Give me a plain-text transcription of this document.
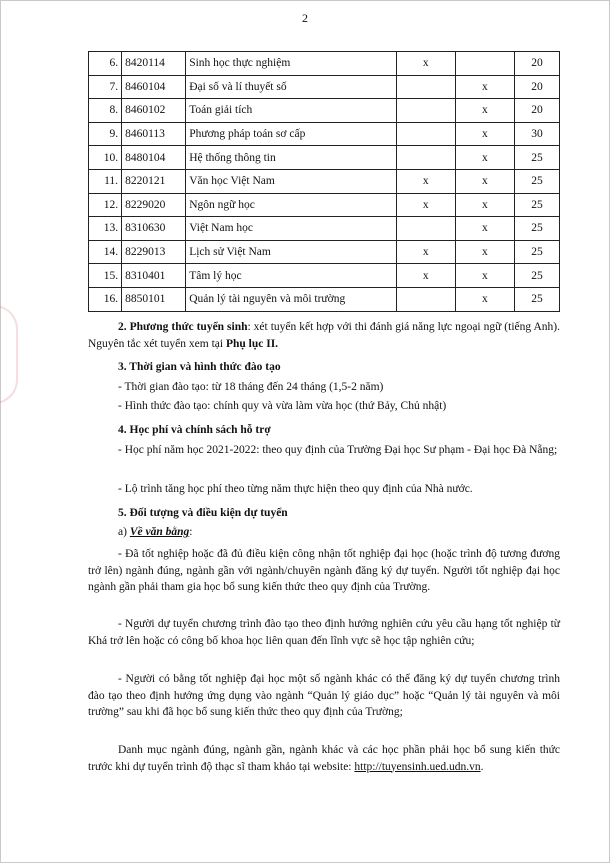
2
6.	8420114	Sinh học thực nghiệm	x		20
7.	8460104	Đại số và lí thuyết số		x	20
8.	8460102	Toán giải tích		x	20
9.	8460113	Phương pháp toán sơ cấp		x	30
10.	8480104	Hệ thống thông tin		x	25
11.	8220121	Văn học Việt Nam	x	x	25
12.	8229020	Ngôn ngữ học	x	x	25
13.	8310630	Việt Nam học		x	25
14.	8229013	Lịch sử Việt Nam	x	x	25
15.	8310401	Tâm lý học	x	x	25
16.	8850101	Quản lý tài nguyên và môi trường		x	25
2. Phương thức tuyển sinh: xét tuyển kết hợp với thi đánh giá năng lực ngoại ngữ (tiếng Anh). Nguyên tắc xét tuyển xem tại Phụ lục II.
3. Thời gian và hình thức đào tạo
- Thời gian đào tạo: từ 18 tháng đến 24 tháng (1,5-2 năm)
- Hình thức đào tạo: chính quy và vừa làm vừa học (thứ Bảy, Chủ nhật)
4. Học phí và chính sách hỗ trợ
- Học phí năm học 2021-2022: theo quy định của Trường Đại học Sư phạm - Đại học Đà Nẵng;
- Lộ trình tăng học phí theo từng năm thực hiện theo quy định của Nhà nước.
5. Đối tượng và điều kiện dự tuyển
a) Về văn bằng:
- Đã tốt nghiệp hoặc đã đủ điều kiện công nhận tốt nghiệp đại học (hoặc trình độ tương đương trở lên) ngành đúng, ngành gần với ngành/chuyên ngành đăng ký dự tuyển. Người tốt nghiệp đại học ngành gần phải tham gia học bổ sung kiến thức theo quy định của Trường.
- Người dự tuyển chương trình đào tạo theo định hướng nghiên cứu yêu cầu hạng tốt nghiệp từ Khá trở lên hoặc có công bố khoa học liên quan đến lĩnh vực sẽ học tập nghiên cứu;
- Người có bằng tốt nghiệp đại học một số ngành khác có thể đăng ký dự tuyển chương trình đào tạo theo định hướng ứng dụng vào ngành “Quản lý giáo dục” hoặc “Quản lý tài nguyên và môi trường” sau khi đã học bổ sung kiến thức theo quy định của Trường;
Danh mục ngành đúng, ngành gần, ngành khác và các học phần phải học bổ sung kiến thức trước khi dự tuyển trình độ thạc sĩ tham khảo tại website: http://tuyensinh.ued.udn.vn.
